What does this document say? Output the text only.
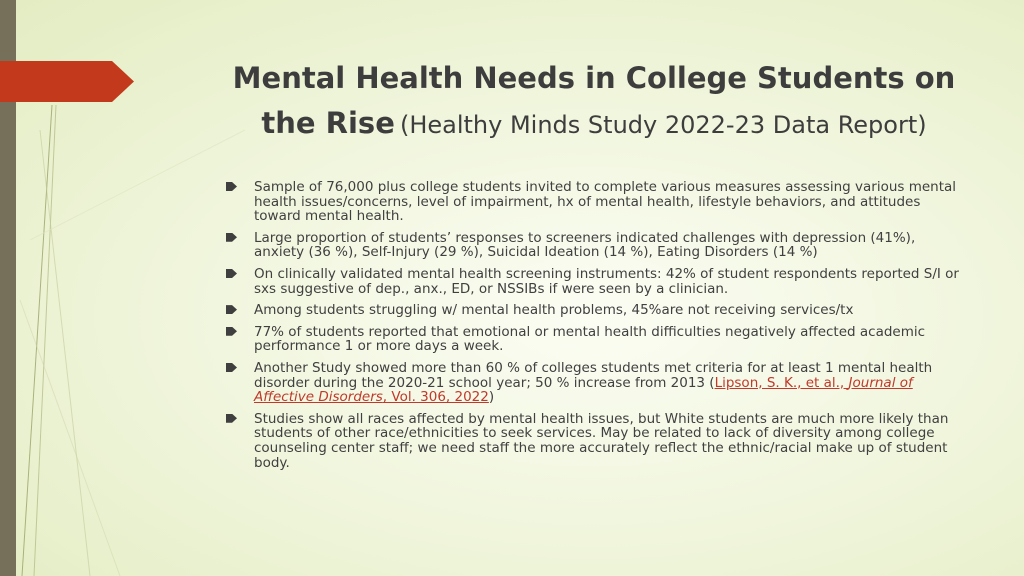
Mental Health Needs in College Students on the Rise (Healthy Minds Study 2022-23 Data Report)
Sample of 76,000 plus college students invited to complete various measures assessing various mental health issues/concerns, level of impairment, hx of mental health, lifestyle behaviors, and attitudes toward mental health.
Large proportion of students’ responses to screeners indicated challenges with depression (41%), anxiety (36 %), Self-Injury (29 %), Suicidal Ideation (14 %), Eating Disorders (14 %)
On clinically validated mental health screening instruments: 42% of student respondents reported S/I or sxs suggestive of dep., anx., ED, or NSSIBs if were seen by a clinician.
Among students struggling w/ mental health problems, 45%are not receiving services/tx
77% of students reported that emotional or mental health difficulties negatively affected academic performance 1 or more days a week.
Another Study showed more than 60 % of colleges students met criteria for at least 1 mental health disorder during the 2020-21 school year; 50 % increase from 2013 (Lipson, S. K., et al., Journal of Affective Disorders, Vol. 306, 2022)
Studies show all races affected by mental health issues, but White students are much more likely than students of other race/ethnicities to seek services. May be related to lack of diversity among college counseling center staff; we need staff the more accurately reflect the ethnic/racial make up of student body.
